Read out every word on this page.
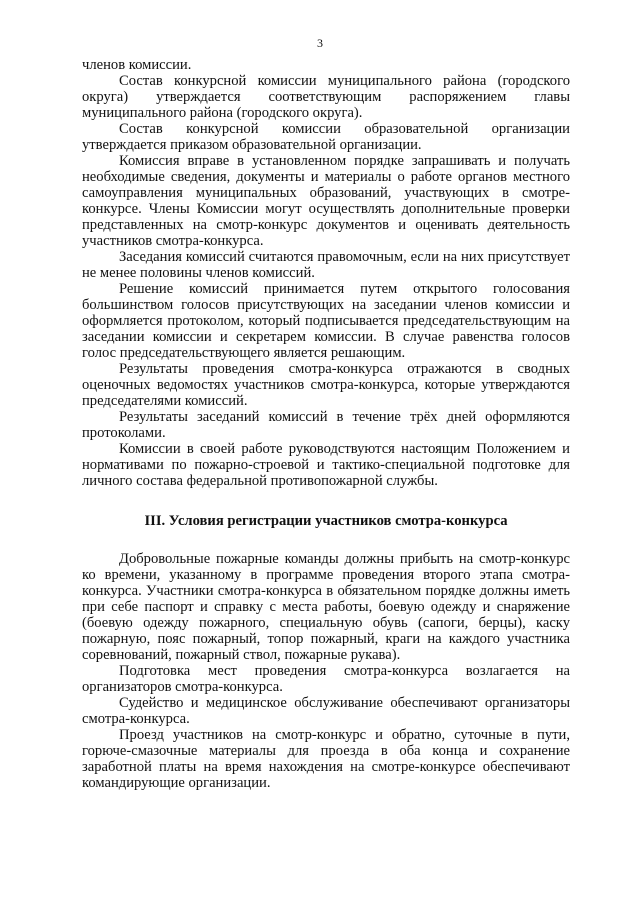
3

членов комиссии.

Состав конкурсной комиссии муниципального района (городского округа) утверждается соответствующим распоряжением главы муниципального района (городского округа).

Состав конкурсной комиссии образовательной организации утверждается приказом образовательной организации.

Комиссия вправе в установленном порядке запрашивать и получать необходимые сведения, документы и материалы о работе органов местного самоуправления муниципальных образований, участвующих в смотре-конкурсе. Члены Комиссии могут осуществлять дополнительные проверки представленных на смотр-конкурс документов и оценивать деятельность участников смотра-конкурса.

Заседания комиссий считаются правомочным, если на них присутствует не менее половины членов комиссий.

Решение комиссий принимается путем открытого голосования большинством голосов присутствующих на заседании членов комиссии и оформляется протоколом, который подписывается председательствующим на заседании комиссии и секретарем комиссии. В случае равенства голосов голос председательствующего является решающим.

Результаты проведения смотра-конкурса отражаются в сводных оценочных ведомостях участников смотра-конкурса, которые утверждаются председателями комиссий.

Результаты заседаний комиссий в течение трёх дней оформляются протоколами.

Комиссии в своей работе руководствуются настоящим Положением и нормативами по пожарно-строевой и тактико-специальной подготовке для личного состава федеральной противопожарной службы.

III. Условия регистрации участников смотра-конкурса

Добровольные пожарные команды должны прибыть на смотр-конкурс ко времени, указанному в программе проведения второго этапа смотра-конкурса. Участники смотра-конкурса в обязательном порядке должны иметь при себе паспорт и справку с места работы, боевую одежду и снаряжение (боевую одежду пожарного, специальную обувь (сапоги, берцы), каску пожарную, пояс пожарный, топор пожарный, краги на каждого участника соревнований, пожарный ствол, пожарные рукава).

Подготовка мест проведения смотра-конкурса возлагается на организаторов смотра-конкурса.

Судейство и медицинское обслуживание обеспечивают организаторы смотра-конкурса.

Проезд участников на смотр-конкурс и обратно, суточные в пути, горюче-смазочные материалы для проезда в оба конца и сохранение заработной платы на время нахождения на смотре-конкурсе обеспечивают командирующие организации.
